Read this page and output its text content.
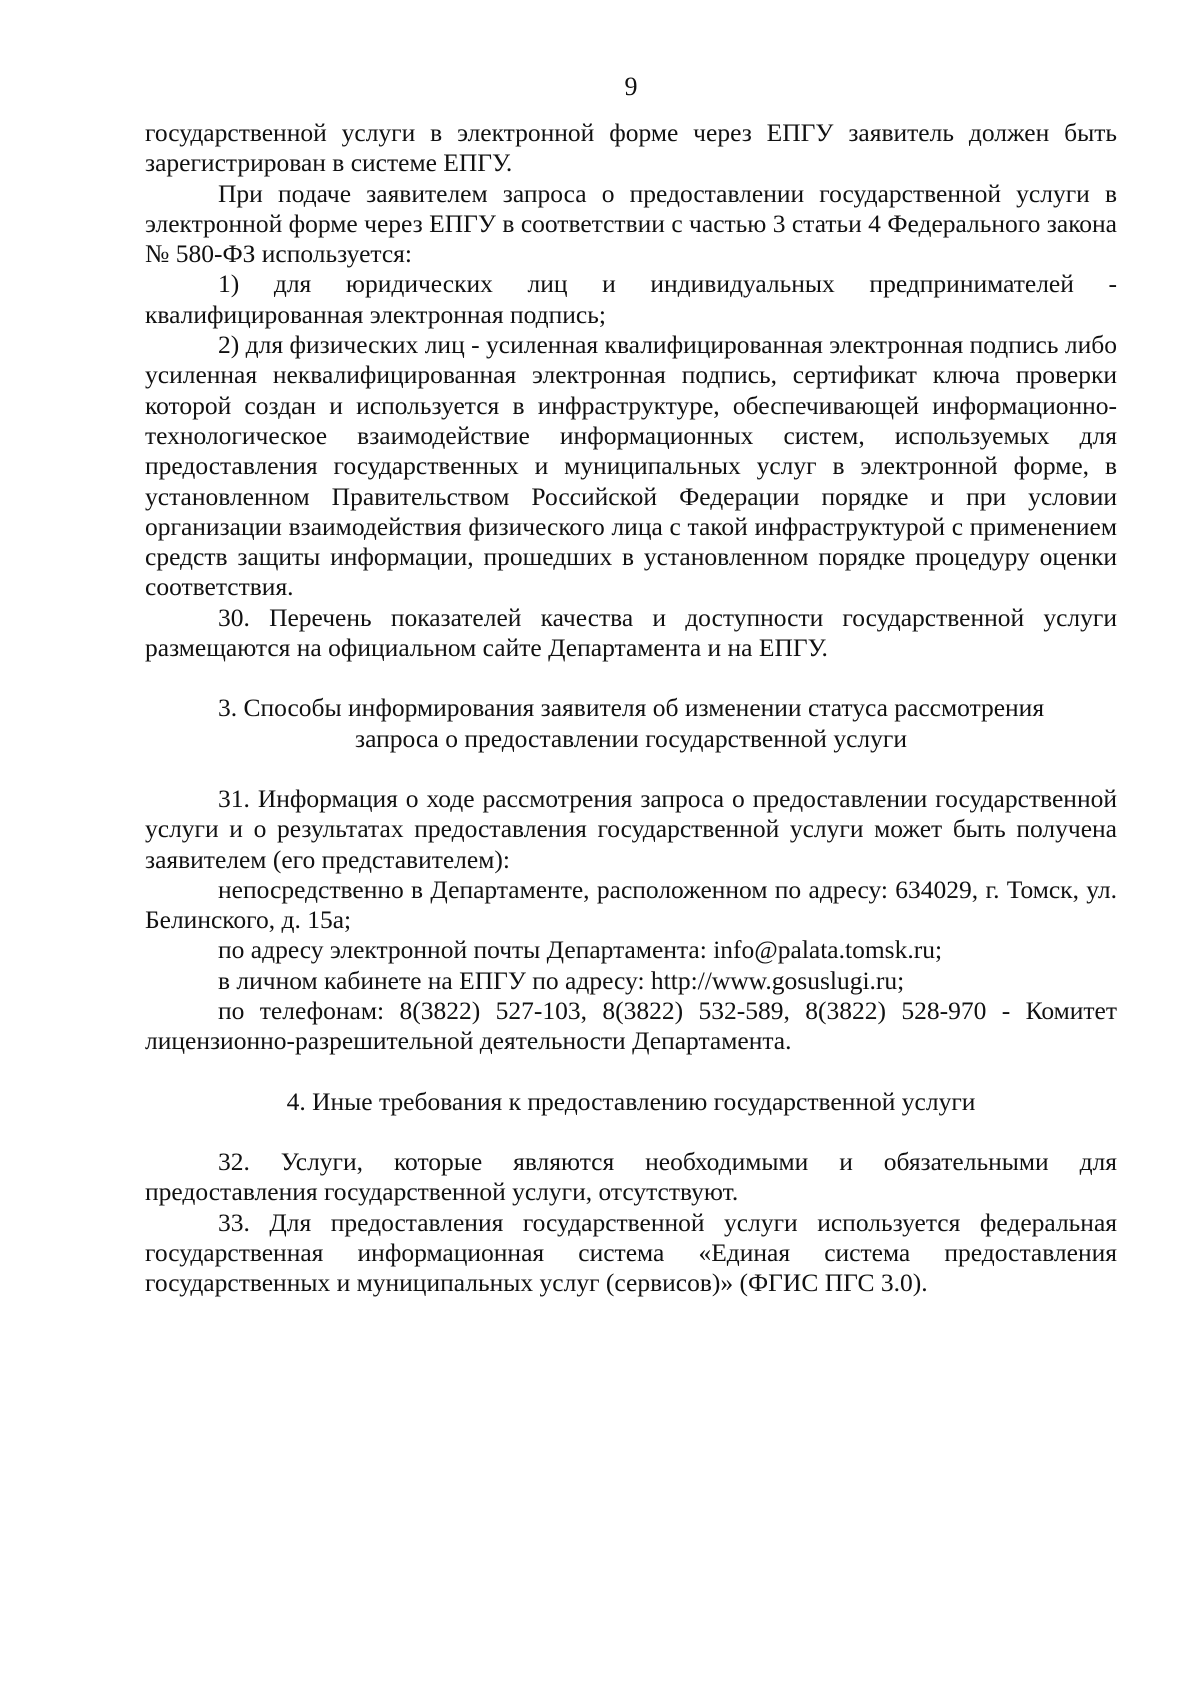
9

государственной услуги в электронной форме через ЕПГУ заявитель должен быть зарегистрирован в системе ЕПГУ.

При подаче заявителем запроса о предоставлении государственной услуги в электронной форме через ЕПГУ в соответствии с частью 3 статьи 4 Федерального закона № 580-ФЗ используется:

1) для юридических лиц и индивидуальных предпринимателей - квалифицированная электронная подпись;

2) для физических лиц - усиленная квалифицированная электронная подпись либо усиленная неквалифицированная электронная подпись, сертификат ключа проверки которой создан и используется в инфраструктуре, обеспечивающей информационно-технологическое взаимодействие информационных систем, используемых для предоставления государственных и муниципальных услуг в электронной форме, в установленном Правительством Российской Федерации порядке и при условии организации взаимодействия физического лица с такой инфраструктурой с применением средств защиты информации, прошедших в установленном порядке процедуру оценки соответствия.

30. Перечень показателей качества и доступности государственной услуги размещаются на официальном сайте Департамента и на ЕПГУ.

3. Способы информирования заявителя об изменении статуса рассмотрения
запроса о предоставлении государственной услуги

31. Информация о ходе рассмотрения запроса о предоставлении государственной услуги и о результатах предоставления государственной услуги может быть получена заявителем (его представителем):

непосредственно в Департаменте, расположенном по адресу: 634029, г. Томск, ул. Белинского, д. 15а;

по адресу электронной почты Департамента: info@palata.tomsk.ru;

в личном кабинете на ЕПГУ по адресу: http://www.gosuslugi.ru;

по телефонам: 8(3822) 527-103, 8(3822) 532-589, 8(3822) 528-970 - Комитет лицензионно-разрешительной деятельности Департамента.

4. Иные требования к предоставлению государственной услуги

32. Услуги, которые являются необходимыми и обязательными для предоставления государственной услуги, отсутствуют.

33. Для предоставления государственной услуги используется федеральная государственная информационная система «Единая система предоставления государственных и муниципальных услуг (сервисов)» (ФГИС ПГС 3.0).
